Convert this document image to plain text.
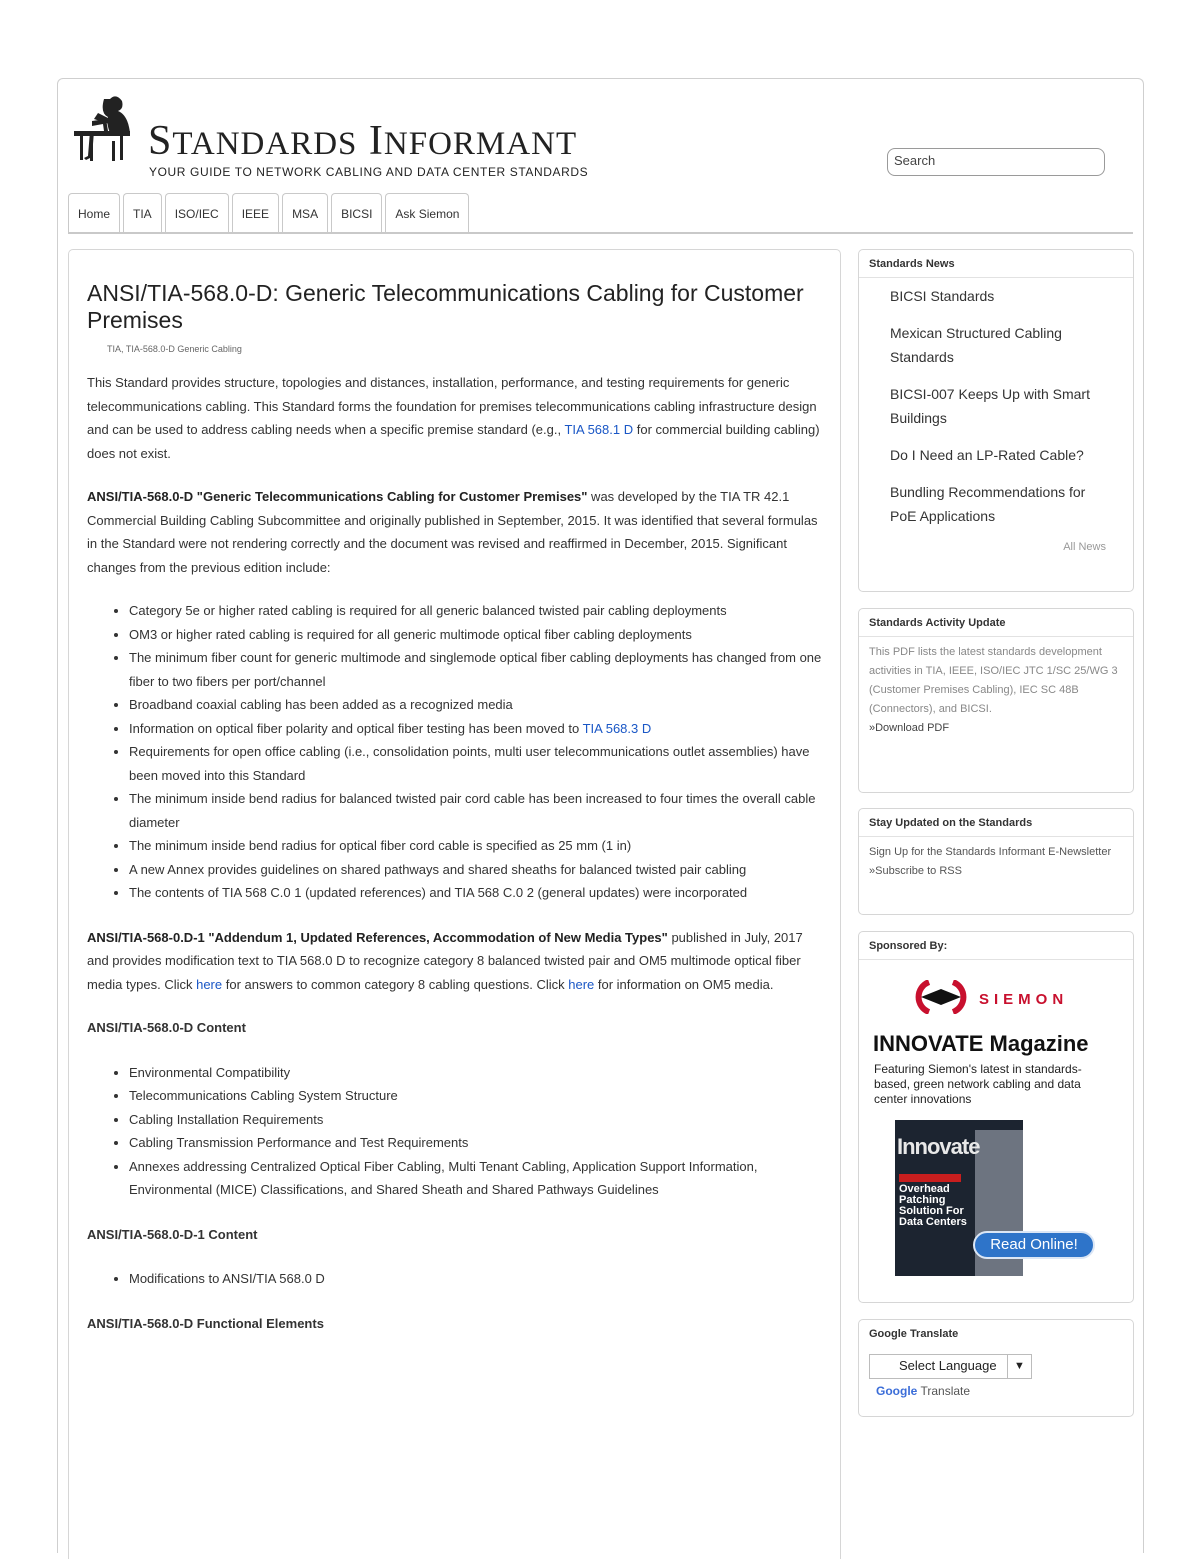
STANDARDS INFORMANT
YOUR GUIDE TO NETWORK CABLING AND DATA CENTER STANDARDS
Search
Home	TIA	ISO/IEC	IEEE	MSA	BICSI	Ask Siemon
ANSI/TIA-568.0-D: Generic Telecommunications Cabling for Customer Premises
TIA, TIA-568.0-D Generic Cabling

This Standard provides structure, topologies and distances, installation, performance, and testing requirements for generic telecommunications cabling. This Standard forms the foundation for premises telecommunications cabling infrastructure design and can be used to address cabling needs when a specific premise standard (e.g., TIA 568.1 D for commercial building cabling) does not exist.

ANSI/TIA-568.0-D "Generic Telecommunications Cabling for Customer Premises" was developed by the TIA TR 42.1 Commercial Building Cabling Subcommittee and originally published in September, 2015. It was identified that several formulas in the Standard were not rendering correctly and the document was revised and reaffirmed in December, 2015. Significant changes from the previous edition include:

• Category 5e or higher rated cabling is required for all generic balanced twisted pair cabling deployments
• OM3 or higher rated cabling is required for all generic multimode optical fiber cabling deployments
• The minimum fiber count for generic multimode and singlemode optical fiber cabling deployments has changed from one fiber to two fibers per port/channel
• Broadband coaxial cabling has been added as a recognized media
• Information on optical fiber polarity and optical fiber testing has been moved to TIA 568.3 D
• Requirements for open office cabling (i.e., consolidation points, multi user telecommunications outlet assemblies) have been moved into this Standard
• The minimum inside bend radius for balanced twisted pair cord cable has been increased to four times the overall cable diameter
• The minimum inside bend radius for optical fiber cord cable is specified as 25 mm (1 in)
• A new Annex provides guidelines on shared pathways and shared sheaths for balanced twisted pair cabling
• The contents of TIA 568 C.0 1 (updated references) and TIA 568 C.0 2 (general updates) were incorporated

ANSI/TIA-568-0.D-1 "Addendum 1, Updated References, Accommodation of New Media Types" published in July, 2017 and provides modification text to TIA 568.0 D to recognize category 8 balanced twisted pair and OM5 multimode optical fiber media types. Click here for answers to common category 8 cabling questions. Click here for information on OM5 media.

ANSI/TIA-568.0-D Content
• Environmental Compatibility
• Telecommunications Cabling System Structure
• Cabling Installation Requirements
• Cabling Transmission Performance and Test Requirements
• Annexes addressing Centralized Optical Fiber Cabling, Multi Tenant Cabling, Application Support Information, Environmental (MICE) Classifications, and Shared Sheath and Shared Pathways Guidelines
ANSI/TIA-568.0-D-1 Content
• Modifications to ANSI/TIA 568.0 D
ANSI/TIA-568.0-D Functional Elements
Standards News
BICSI Standards
Mexican Structured Cabling Standards
BICSI-007 Keeps Up with Smart Buildings
Do I Need an LP-Rated Cable?
Bundling Recommendations for PoE Applications
All News
Standards Activity Update
This PDF lists the latest standards development activities in TIA, IEEE, ISO/IEC JTC 1/SC 25/WG 3 (Customer Premises Cabling), IEC SC 48B (Connectors), and BICSI.
»Download PDF
Stay Updated on the Standards
Sign Up for the Standards Informant E-Newsletter
»Subscribe to RSS
Sponsored By:
SIEMON
INNOVATE Magazine
Featuring Siemon's latest in standards-based, green network cabling and data center innovations
Innovate
Overhead Patching Solution For Data Centers
Read Online!
Google Translate
Select Language	▼
Google Translate
